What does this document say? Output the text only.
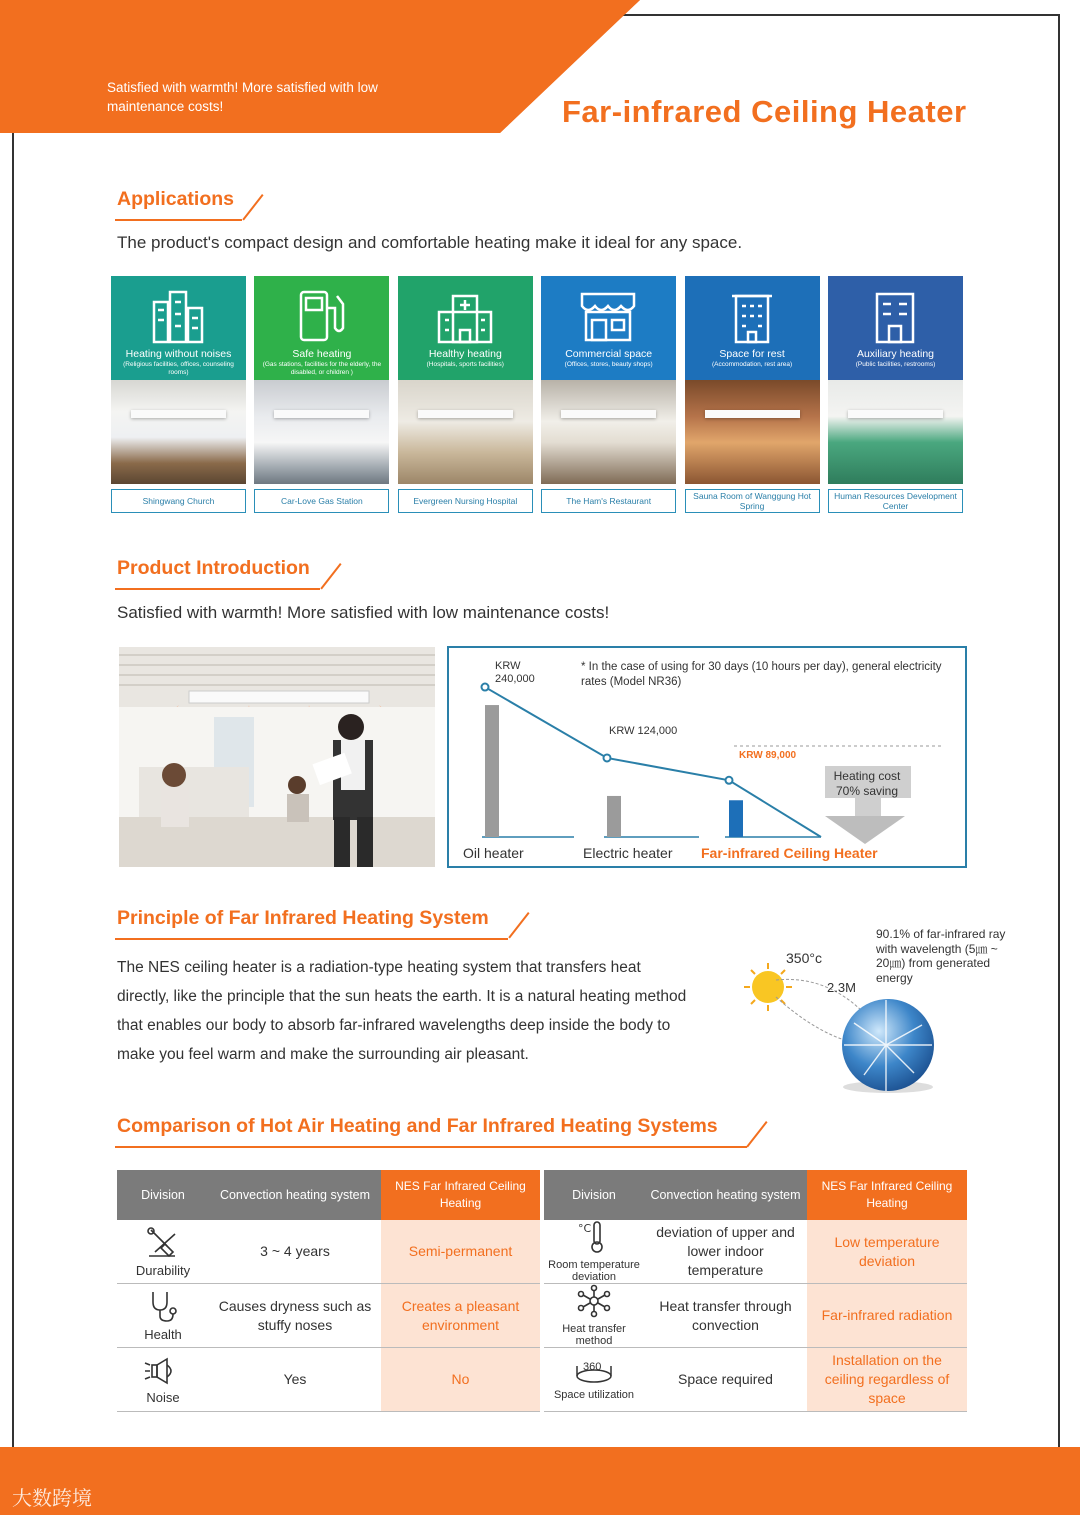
Satisfied with warmth! More satisfied with low maintenance costs!	Far-infrared Ceiling Heater
Applications
The product's compact design and comfortable heating make it ideal for any space.
Heating without noises
(Religious facilities, offices, counseling rooms)
Shingwang Church
Safe heating
(Gas stations, facilities for the elderly, the disabled, or children )
Car-Love Gas Station
Healthy heating
(Hospitals, sports facilities)
Evergreen Nursing Hospital
Commercial space
(Offices, stores, beauty shops)
The Ham's Restaurant
Space for rest
(Accommodation, rest area)
Sauna Room of Wanggung Hot Spring
Auxiliary heating
(Public facilities, restrooms)
Human Resources Development Center
Product Introduction
Satisfied with warmth! More satisfied with low maintenance costs!
KRW
240,000
* In the case of using for 30 days (10 hours per day), general electricity rates (Model NR36)
KRW 124,000
KRW 89,000
Heating cost
70% saving
Oil heater	Electric heater Far-infrared Ceiling Heater
Principle of Far Infrared Heating System
The NES ceiling heater is a radiation-type heating system that transfers heat directly, like the principle that the sun heats the earth. It is a natural heating method that enables our body to absorb far-infrared wavelengths deep inside the body to make you feel warm and make the surrounding air pleasant.
350°c
2.3M
90.1% of far-infrared ray with wavelength (5㎛ ~ 20㎛) from generated energy
Comparison of Hot Air Heating and Far Infrared Heating Systems
Division	Convection heating system	NES Far Infrared Ceiling Heating

Durability	3 ~ 4 years	Semi-permanent

Health	Causes dryness such as stuffy noses	Creates a pleasant environment

Noise	Yes	No
Division	Convection heating system	NES Far Infrared Ceiling Heating

°C
Room temperature deviation	deviation of upper and lower indoor temperature	Low temperature deviation

Heat transfer method	Heat transfer through convection	Far-infrared radiation

360
Space utilization	Space required	Installation on the ceiling regardless of space
大数跨境
